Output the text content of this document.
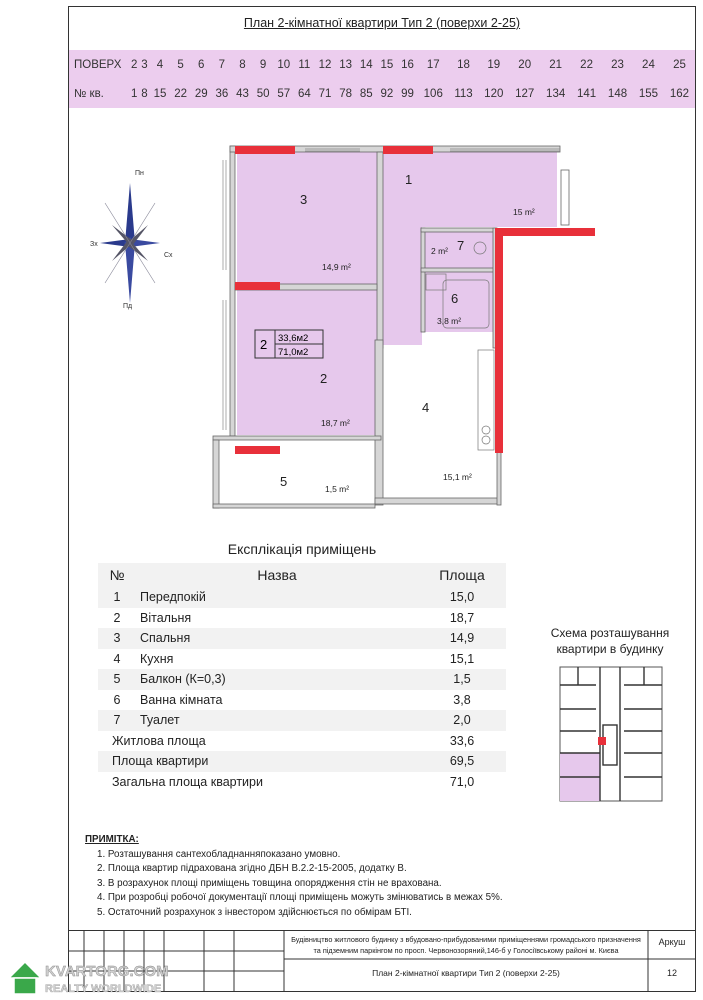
План 2-кімнатної квартири Тип 2 (поверхи 2-25)
ПОВЕРХ	2	3	4	5	6	7	8	9	10	11	12	13	14	15	16	17	18	19	20	21	22	23	24	25
№ кв.	1	8	15	22	29	36	43	50	57	64	71	78	85	92	99	106	113	120	127	134	141	148	155	162
Пн
Пд
Сх
Зх
3
14,9 m²
1
15 m²
2
18,7 m²
4
15,1 m²
5	1,5 m²
6
3,8 m²
7
2 m²
2 33,6м2
71,0м2
Експлікація приміщень		
№	Назва	Площа
1	Передпокій	15,0
2	Вітальня	18,7
3	Спальня	14,9
4	Кухня	15,1
5	Балкон (К=0,3)	1,5
6	Ванна кімната	3,8
7	Туалет	2,0
Житлова площа		33,6
Площа квартири		69,5
Загальна площа квартири		71,0
Схема розташування
квартири в будинку
ПРИМІТКА:
1. Розташування сантехобладнанняпоказано умовно.
2. Площа квартир підрахована згідно ДБН В.2.2-15-2005, додатку В.
3. В розрахунок площі приміщень товщина опорядження стін не врахована.
4. При розробці робочої документації площі приміщень можуть змінюватись в межах 5%.
5. Остаточний розрахунок з інвестором здійснюється по обмірам БТІ.
Будівництво житлового будинку з вбудовано-прибудованими приміщеннями громадського призначення
та підземним паркінгом по просп. Червонозоряний,146-б у Голосіївському районі м. Києва
План 2-кімнатної квартири Тип 2 (поверхи 2-25)
Аркуш
12
KVARTORG.COM
REALTY WORLDWIDE
